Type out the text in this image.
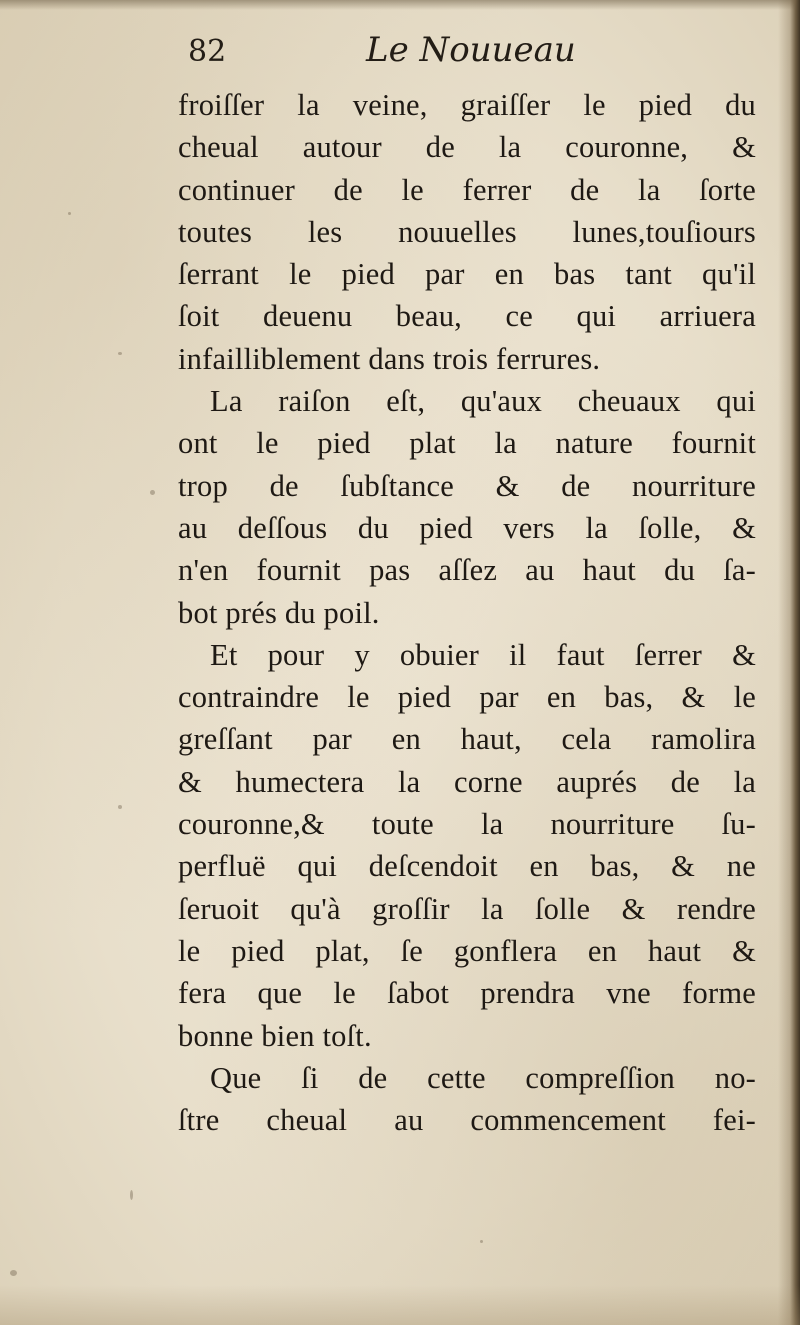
82	Le Nouueau
froiſſer la veine, graiſſer le pied du
cheual autour de la couronne, &
continuer de le ferrer de la ſorte
toutes les nouuelles lunes,touſiours
ſerrant le pied par en bas tant qu'il
ſoit deuenu beau, ce qui arriuera
infailliblement dans trois ferrures.
La raiſon eſt, qu'aux cheuaux qui
ont le pied plat la nature fournit
trop de ſubſtance & de nourriture
au deſſous du pied vers la ſolle, &
n'en fournit pas aſſez au haut du ſa-
bot prés du poil.
Et pour y obuier il faut ſerrer &
contraindre le pied par en bas, & le
greſſant par en haut, cela ramolira
& humectera la corne auprés de la
couronne,& toute la nourriture ſu-
perfluë qui deſcendoit en bas, & ne
ſeruoit qu'à groſſir la ſolle & rendre
le pied plat, ſe gonflera en haut &
fera que le ſabot prendra vne forme
bonne bien toſt.
Que ſi de cette compreſſion no-
ſtre cheual au commencement fei-
